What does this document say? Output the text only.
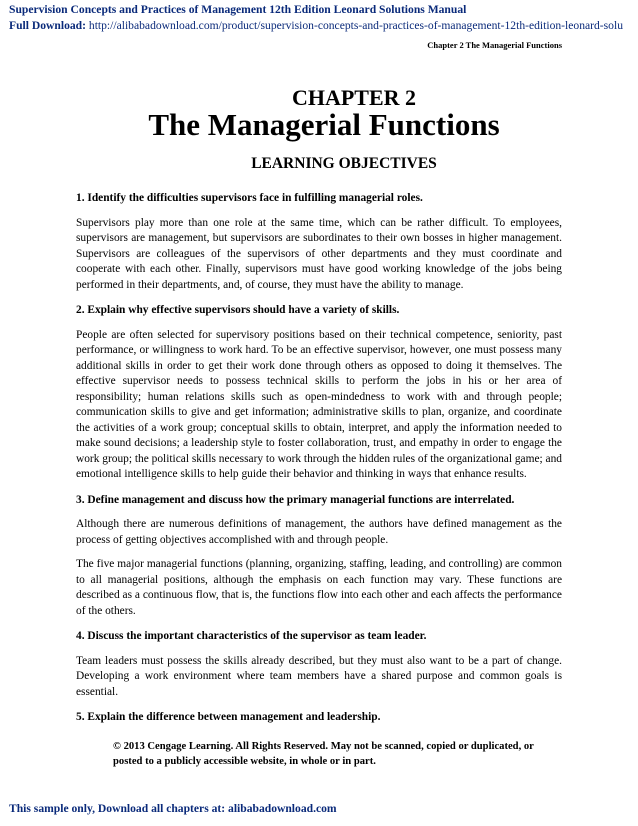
Supervision Concepts and Practices of Management 12th Edition Leonard Solutions Manual
Full Download: http://alibabadownload.com/product/supervision-concepts-and-practices-of-management-12th-edition-leonard-solu
Chapter 2 The Managerial Functions
CHAPTER 2
The Managerial Functions
LEARNING OBJECTIVES

1. Identify the difficulties supervisors face in fulfilling managerial roles.

Supervisors play more than one role at the same time, which can be rather difficult. To employees, supervisors are management, but supervisors are subordinates to their own bosses in higher management. Supervisors are colleagues of the supervisors of other departments and they must coordinate and cooperate with each other. Finally, supervisors must have good working knowledge of the jobs being performed in their departments, and, of course, they must have the ability to manage.

2. Explain why effective supervisors should have a variety of skills.

People are often selected for supervisory positions based on their technical competence, seniority, past performance, or willingness to work hard. To be an effective supervisor, however, one must possess many additional skills in order to get their work done through others as opposed to doing it themselves. The effective supervisor needs to possess technical skills to perform the jobs in his or her area of responsibility; human relations skills such as open-mindedness to work with and through people; communication skills to give and get information; administrative skills to plan, organize, and coordinate the activities of a work group; conceptual skills to obtain, interpret, and apply the information needed to make sound decisions; a leadership style to foster collaboration, trust, and empathy in order to engage the work group; the political skills necessary to work through the hidden rules of the organizational game; and emotional intelligence skills to help guide their behavior and thinking in ways that enhance results.

3. Define management and discuss how the primary managerial functions are interrelated.

Although there are numerous definitions of management, the authors have defined management as the process of getting objectives accomplished with and through people.

The five major managerial functions (planning, organizing, staffing, leading, and controlling) are common to all managerial positions, although the emphasis on each function may vary. These functions are described as a continuous flow, that is, the functions flow into each other and each affects the performance of the others.

4. Discuss the important characteristics of the supervisor as team leader.

Team leaders must possess the skills already described, but they must also want to be a part of change. Developing a work environment where team members have a shared purpose and common goals is essential.

5. Explain the difference between management and leadership.

© 2013 Cengage Learning. All Rights Reserved. May not be scanned, copied or duplicated, or posted to a publicly accessible website, in whole or in part.
This sample only, Download all chapters at: alibabadownload.com
